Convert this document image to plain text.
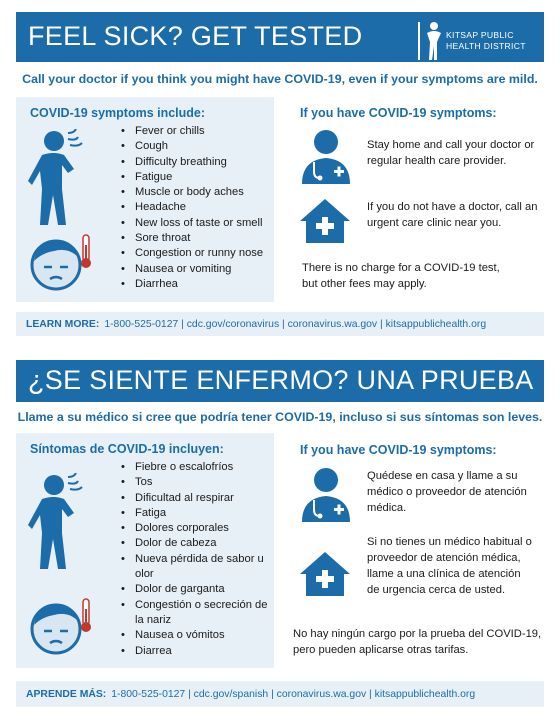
FEEL SICK? GET TESTED	KITSAP PUBLIC
HEALTH DISTRICT
Call your doctor if you think you might have COVID-19, even if your symptoms are mild.
COVID-19 symptoms include:
• Fever or chills
• Cough
• Difficulty breathing
• Fatigue
• Muscle or body aches
• Headache
• New loss of taste or smell
• Sore throat
• Congestion or runny nose
• Nausea or vomiting
• Diarrhea
If you have COVID-19 symptoms:
Stay home and call your doctor or regular health care provider.
If you do not have a doctor, call an urgent care clinic near you.
There is no charge for a COVID-19 test, but other fees may apply.
LEARN MORE: 1-800-525-0127 | cdc.gov/coronavirus | coronavirus.wa.gov | kitsappublichealth.org
¿SE SIENTE ENFERMO? UNA PRUEBA
Llame a su médico si cree que podría tener COVID-19, incluso si sus síntomas son leves.
Síntomas de COVID-19 incluyen:
• Fiebre o escalofríos
• Tos
• Dificultad al respirar
• Fatiga
• Dolores corporales
• Dolor de cabeza
• Nueva pérdida de sabor u olor
• Dolor de garganta
• Congestión o secreción de la nariz
• Nausea o vómitos
• Diarrea
If you have COVID-19 symptoms:
Quédese en casa y llame a su médico o proveedor de atención médica.
Si no tienes un médico habitual o proveedor de atención médica, llame a una clínica de atención de urgencia cerca de usted.
No hay ningún cargo por la prueba del COVID-19, pero pueden aplicarse otras tarifas.
APRENDE MÁS: 1-800-525-0127 | cdc.gov/spanish | coronavirus.wa.gov | kitsappublichealth.org
